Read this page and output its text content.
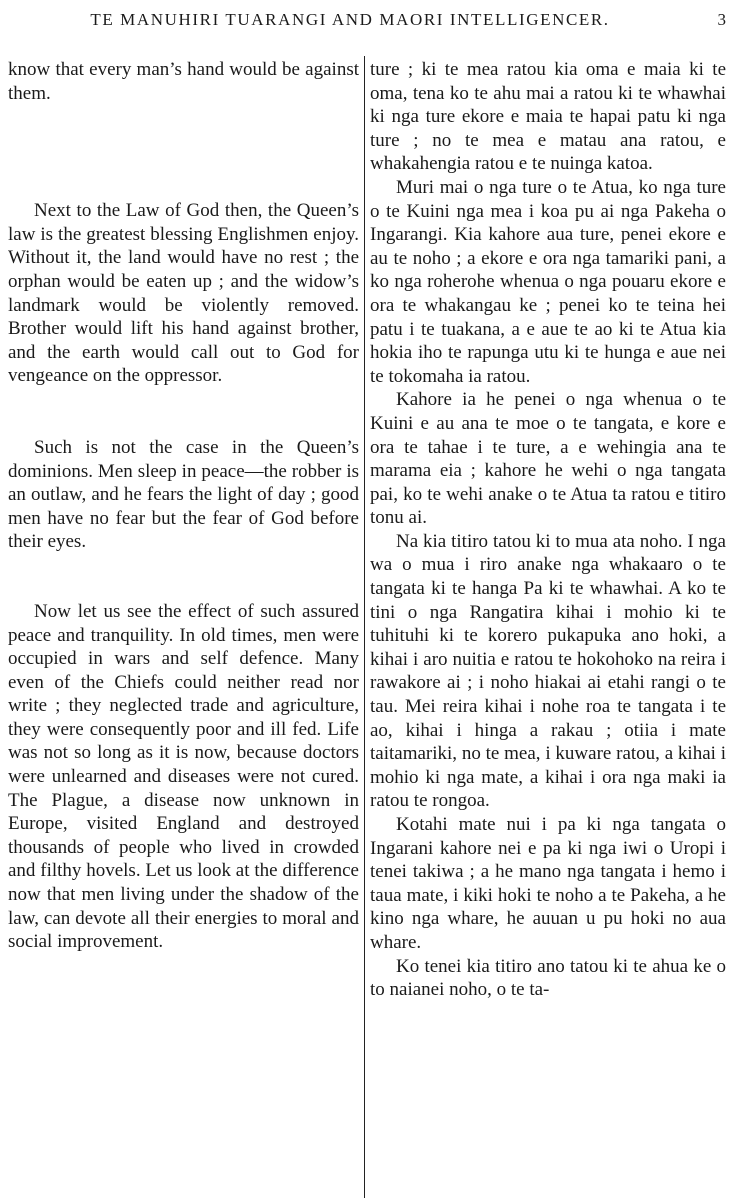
TE MANUHIRI TUARANGI AND MAORI INTELLIGENCER.	3

know that every man’s hand would be against them.

Next to the Law of God then, the Queen’s law is the greatest blessing Englishmen enjoy. Without it, the land would have no rest ; the orphan would be eaten up ; and the widow’s landmark would be violently removed. Brother would lift his hand against brother, and the earth would call out to God for vengeance on the oppressor.

Such is not the case in the Queen’s dominions. Men sleep in peace—the robber is an outlaw, and he fears the light of day ; good men have no fear but the fear of God before their eyes.

Now let us see the effect of such assured peace and tranquility. In old times, men were occupied in wars and self defence. Many even of the Chiefs could neither read nor write ; they neglected trade and agriculture, they were consequently poor and ill fed. Life was not so long as it is now, because doctors were unlearned and diseases were not cured. The Plague, a disease now unknown in Europe, visited England and destroyed thousands of people who lived in crowded and filthy hovels. Let us look at the difference now that men living under the shadow of the law, can devote all their energies to moral and social improvement.

ture ; ki te mea ratou kia oma e maia ki te oma, tena ko te ahu mai a ratou ki te whawhai ki nga ture ekore e maia te hapai patu ki nga ture ; no te mea e matau ana ratou, e whakahengia ratou e te nuinga katoa.

Muri mai o nga ture o te Atua, ko nga ture o te Kuini nga mea i koa pu ai nga Pakeha o Ingarangi. Kia kahore aua ture, penei ekore e au te noho ; a ekore e ora nga tamariki pani, a ko nga roherohe whenua o nga pouaru ekore e ora te whakangau ke ; penei ko te teina hei patu i te tuakana, a e aue te ao ki te Atua kia hokia iho te rapunga utu ki te hunga e aue nei te tokomaha ia ratou.

Kahore ia he penei o nga whenua o te Kuini e au ana te moe o te tangata, e kore e ora te tahae i te ture, a e wehingia ana te marama eia ; kahore he wehi o nga tangata pai, ko te wehi anake o te Atua ta ratou e titiro tonu ai.

Na kia titiro tatou ki to mua ata noho. I nga wa o mua i riro anake nga whakaaro o te tangata ki te hanga Pa ki te whawhai. A ko te tini o nga Rangatira kihai i mohio ki te tuhituhi ki te korero pukapuka ano hoki, a kihai i aro nuitia e ratou te hokohoko na reira i rawakore ai ; i noho hiakai ai etahi rangi o te tau. Mei reira kihai i nohe roa te tangata i te ao, kihai i hinga a rakau ; otiia i mate taitamariki, no te mea, i kuware ratou, a kihai i mohio ki nga mate, a kihai i ora nga maki ia ratou te rongoa.

Kotahi mate nui i pa ki nga tangata o Ingarani kahore nei e pa ki nga iwi o Uropi i tenei takiwa ; a he mano nga tangata i hemo i taua mate, i kiki hoki te noho a te Pakeha, a he kino nga whare, he auuan u pu hoki no aua whare.

Ko tenei kia titiro ano tatou ki te ahua ke o to naianei noho, o te ta-
